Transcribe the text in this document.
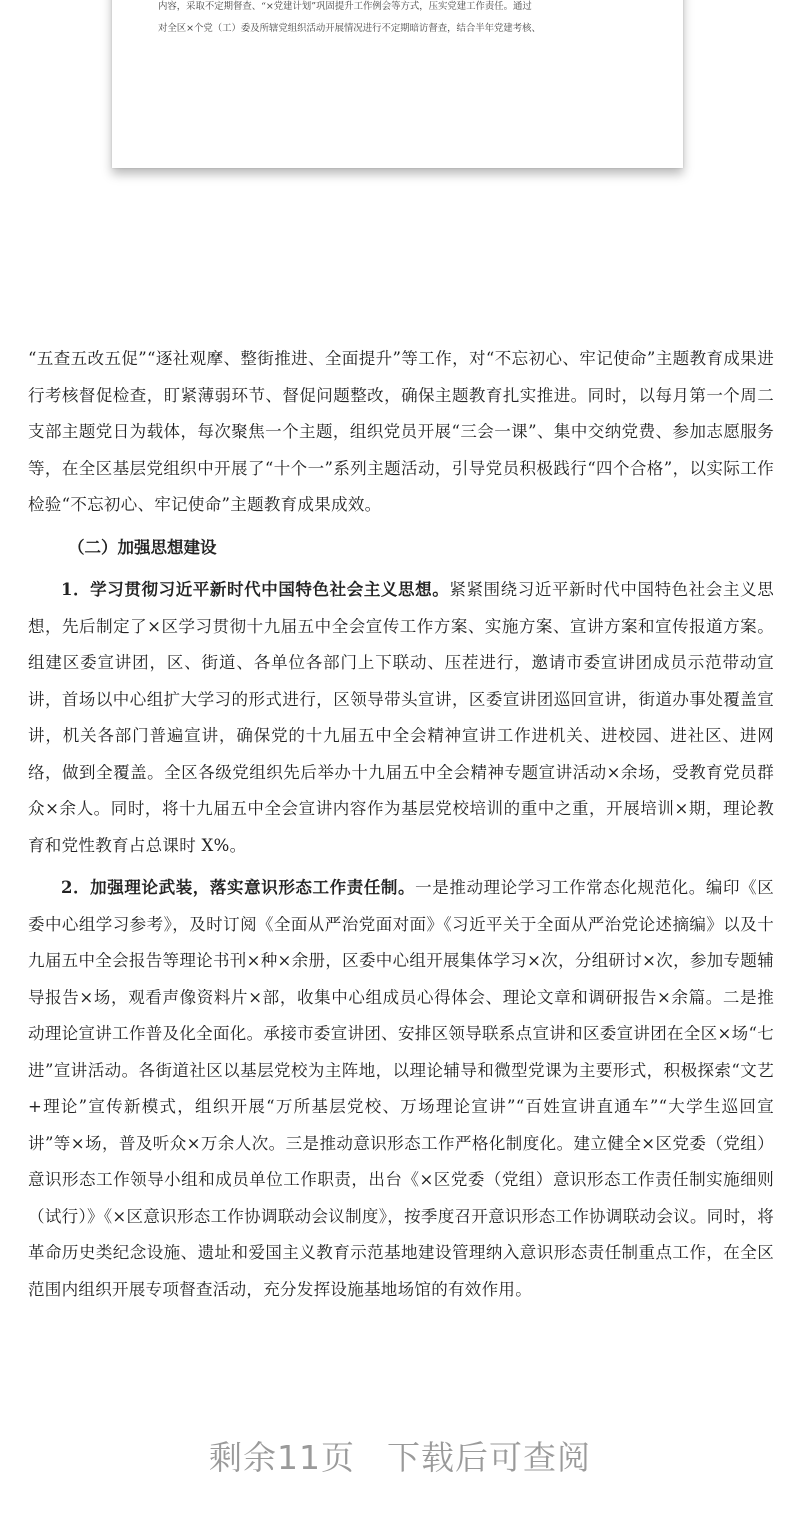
内容，采取不定期督查、“×党建计划”巩固提升工作例会等方式，压实党建工作责任。通过

对全区×个党（工）委及所辖党组织活动开展情况进行不定期暗访督查，结合半年党建考核、

“五查五改五促”“逐社观摩、整街推进、全面提升”等工作，对“不忘初心、牢记使命”主题教育成果进行考核督促检查，盯紧薄弱环节、督促问题整改，确保主题教育扎实推进。同时，以每月第一个周二支部主题党日为载体，每次聚焦一个主题，组织党员开展“三会一课”、集中交纳党费、参加志愿服务等，在全区基层党组织中开展了“十个一”系列主题活动，引导党员积极践行“四个合格”，以实际工作检验“不忘初心、牢记使命”主题教育成果成效。

（二）加强思想建设

1．学习贯彻习近平新时代中国特色社会主义思想。紧紧围绕习近平新时代中国特色社会主义思想，先后制定了×区学习贯彻十九届五中全会宣传工作方案、实施方案、宣讲方案和宣传报道方案。组建区委宣讲团，区、街道、各单位各部门上下联动、压茬进行，邀请市委宣讲团成员示范带动宣讲，首场以中心组扩大学习的形式进行，区领导带头宣讲，区委宣讲团巡回宣讲，街道办事处覆盖宣讲，机关各部门普遍宣讲，确保党的十九届五中全会精神宣讲工作进机关、进校园、进社区、进网络，做到全覆盖。全区各级党组织先后举办十九届五中全会精神专题宣讲活动×余场，受教育党员群众×余人。同时，将十九届五中全会宣讲内容作为基层党校培训的重中之重，开展培训×期，理论教育和党性教育占总课时 X%。

2．加强理论武装，落实意识形态工作责任制。一是推动理论学习工作常态化规范化。编印《区委中心组学习参考》，及时订阅《全面从严治党面对面》《习近平关于全面从严治党论述摘编》以及十九届五中全会报告等理论书刊×种×余册，区委中心组开展集体学习×次，分组研讨×次，参加专题辅导报告×场，观看声像资料片×部，收集中心组成员心得体会、理论文章和调研报告×余篇。二是推动理论宣讲工作普及化全面化。承接市委宣讲团、安排区领导联系点宣讲和区委宣讲团在全区×场“七进”宣讲活动。各街道社区以基层党校为主阵地，以理论辅导和微型党课为主要形式，积极探索“文艺+理论”宣传新模式，组织开展“万所基层党校、万场理论宣讲”“百姓宣讲直通车”“大学生巡回宣讲”等×场，普及听众×万余人次。三是推动意识形态工作严格化制度化。建立健全×区党委（党组）意识形态工作领导小组和成员单位工作职责，出台《×区党委（党组）意识形态工作责任制实施细则（试行）》《×区意识形态工作协调联动会议制度》，按季度召开意识形态工作协调联动会议。同时，将革命历史类纪念设施、遗址和爱国主义教育示范基地建设管理纳入意识形态责任制重点工作，在全区范围内组织开展专项督查活动，充分发挥设施基地场馆的有效作用。

剩余11页 下载后可查阅
